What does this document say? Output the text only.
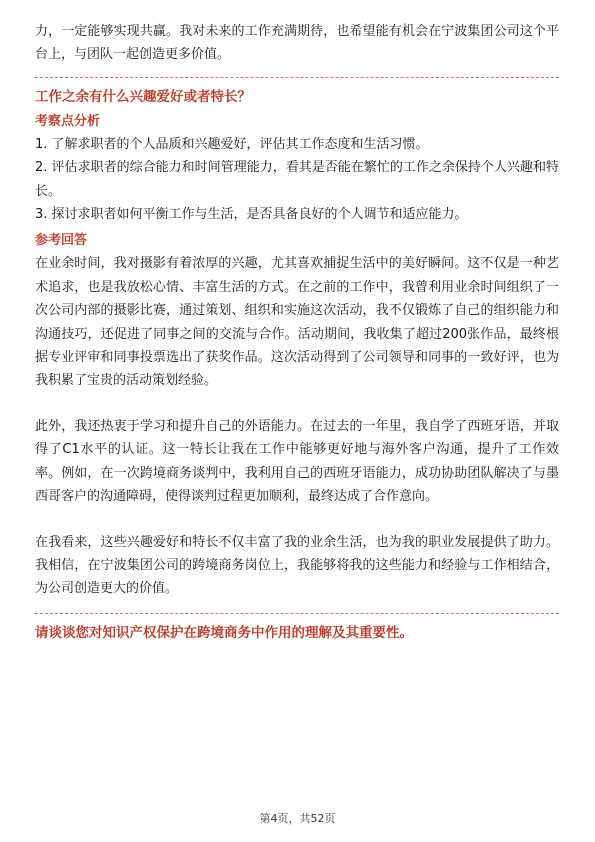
力，一定能够实现共赢。我对未来的工作充满期待，也希望能有机会在宁波集团公司这个平台上，与团队一起创造更多价值。

工作之余有什么兴趣爱好或者特长？
考察点分析

1. 了解求职者的个人品质和兴趣爱好，评估其工作态度和生活习惯。

2. 评估求职者的综合能力和时间管理能力，看其是否能在繁忙的工作之余保持个人兴趣和特长。

3. 探讨求职者如何平衡工作与生活，是否具备良好的个人调节和适应能力。

参考回答

在业余时间，我对摄影有着浓厚的兴趣，尤其喜欢捕捉生活中的美好瞬间。这不仅是一种艺术追求，也是我放松心情、丰富生活的方式。在之前的工作中，我曾利用业余时间组织了一次公司内部的摄影比赛，通过策划、组织和实施这次活动，我不仅锻炼了自己的组织能力和沟通技巧，还促进了同事之间的交流与合作。活动期间，我收集了超过200张作品，最终根据专业评审和同事投票选出了获奖作品。这次活动得到了公司领导和同事的一致好评，也为我积累了宝贵的活动策划经验。

此外，我还热衷于学习和提升自己的外语能力。在过去的一年里，我自学了西班牙语，并取得了C1水平的认证。这一特长让我在工作中能够更好地与海外客户沟通，提升了工作效率。例如，在一次跨境商务谈判中，我利用自己的西班牙语能力，成功协助团队解决了与墨西哥客户的沟通障碍，使得谈判过程更加顺利，最终达成了合作意向。

在我看来，这些兴趣爱好和特长不仅丰富了我的业余生活，也为我的职业发展提供了助力。我相信，在宁波集团公司的跨境商务岗位上，我能够将我的这些能力和经验与工作相结合，为公司创造更大的价值。

请谈谈您对知识产权保护在跨境商务中作用的理解及其重要性。
第4页，共52页
